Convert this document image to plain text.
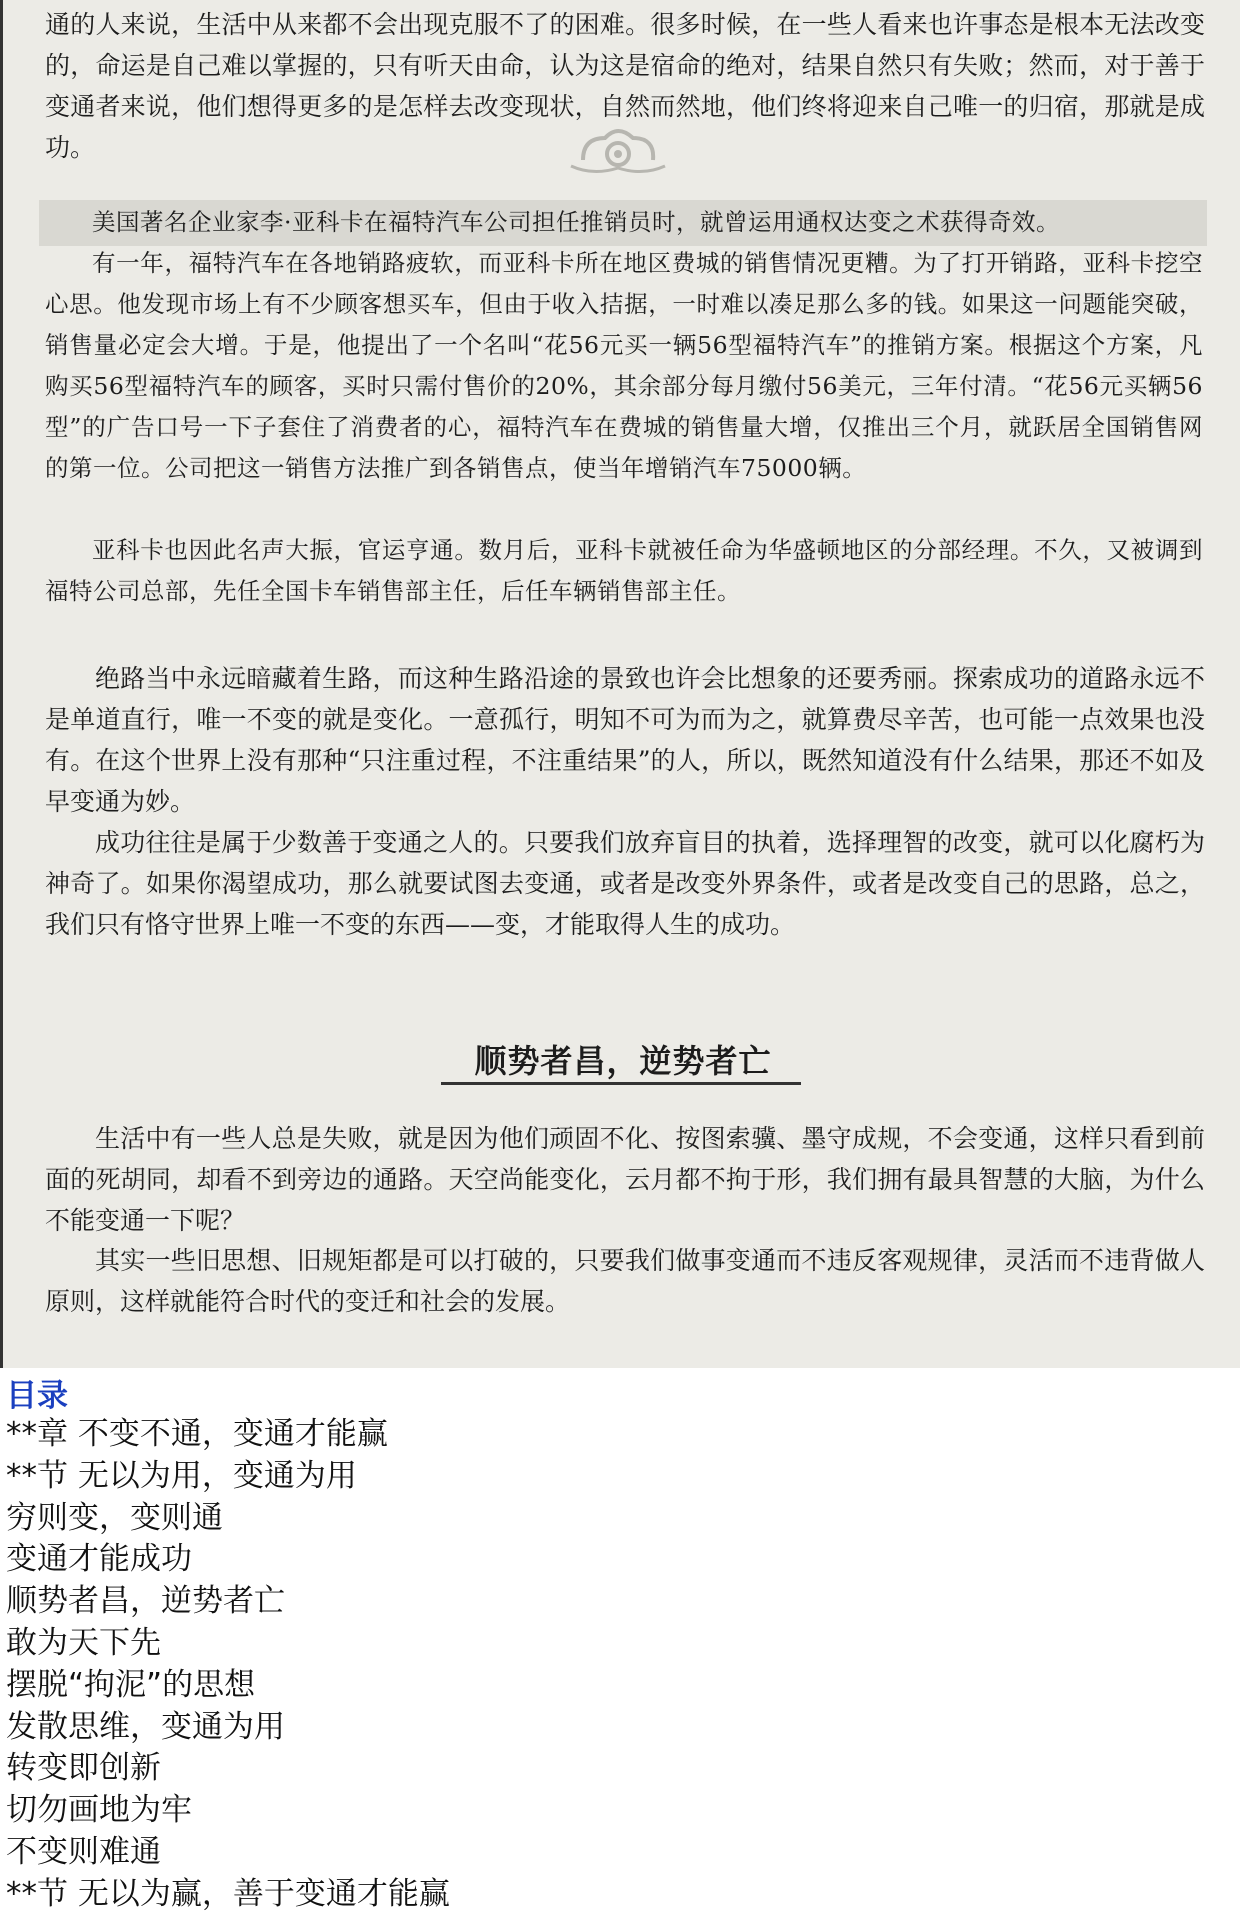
通的人来说，生活中从来都不会出现克服不了的困难。很多时候，在一些人看来也许事态是根本无法改变的，命运是自己难以掌握的，只有听天由命，认为这是宿命的绝对，结果自然只有失败；然而，对于善于变通者来说，他们想得更多的是怎样去改变现状，自然而然地，他们终将迎来自己唯一的归宿，那就是成功。

美国著名企业家李·亚科卡在福特汽车公司担任推销员时，就曾运用通权达变之术获得奇效。

有一年，福特汽车在各地销路疲软，而亚科卡所在地区费城的销售情况更糟。为了打开销路，亚科卡挖空心思。他发现市场上有不少顾客想买车，但由于收入拮据，一时难以凑足那么多的钱。如果这一问题能突破，销售量必定会大增。于是，他提出了一个名叫“花56元买一辆56型福特汽车”的推销方案。根据这个方案，凡购买56型福特汽车的顾客，买时只需付售价的20%，其余部分每月缴付56美元，三年付清。“花56元买辆56型”的广告口号一下子套住了消费者的心，福特汽车在费城的销售量大增，仅推出三个月，就跃居全国销售网的第一位。公司把这一销售方法推广到各销售点，使当年增销汽车75000辆。

亚科卡也因此名声大振，官运亨通。数月后，亚科卡就被任命为华盛顿地区的分部经理。不久，又被调到福特公司总部，先任全国卡车销售部主任，后任车辆销售部主任。

绝路当中永远暗藏着生路，而这种生路沿途的景致也许会比想象的还要秀丽。探索成功的道路永远不是单道直行，唯一不变的就是变化。一意孤行，明知不可为而为之，就算费尽辛苦，也可能一点效果也没有。在这个世界上没有那种“只注重过程，不注重结果”的人，所以，既然知道没有什么结果，那还不如及早变通为妙。

成功往往是属于少数善于变通之人的。只要我们放弃盲目的执着，选择理智的改变，就可以化腐朽为神奇了。如果你渴望成功，那么就要试图去变通，或者是改变外界条件，或者是改变自己的思路，总之，我们只有恪守世界上唯一不变的东西——变，才能取得人生的成功。

顺势者昌，逆势者亡

生活中有一些人总是失败，就是因为他们顽固不化、按图索骥、墨守成规，不会变通，这样只看到前面的死胡同，却看不到旁边的通路。天空尚能变化，云月都不拘于形，我们拥有最具智慧的大脑，为什么不能变通一下呢？

其实一些旧思想、旧规矩都是可以打破的，只要我们做事变通而不违反客观规律，灵活而不违背做人原则，这样就能符合时代的变迁和社会的发展。

目录
**章 不变不通，变通才能赢
**节 无以为用，变通为用
穷则变，变则通
变通才能成功
顺势者昌，逆势者亡
敢为天下先
摆脱“拘泥”的思想
发散思维，变通为用
转变即创新
切勿画地为牢
不变则难通
**节 无以为赢，善于变通才能赢
